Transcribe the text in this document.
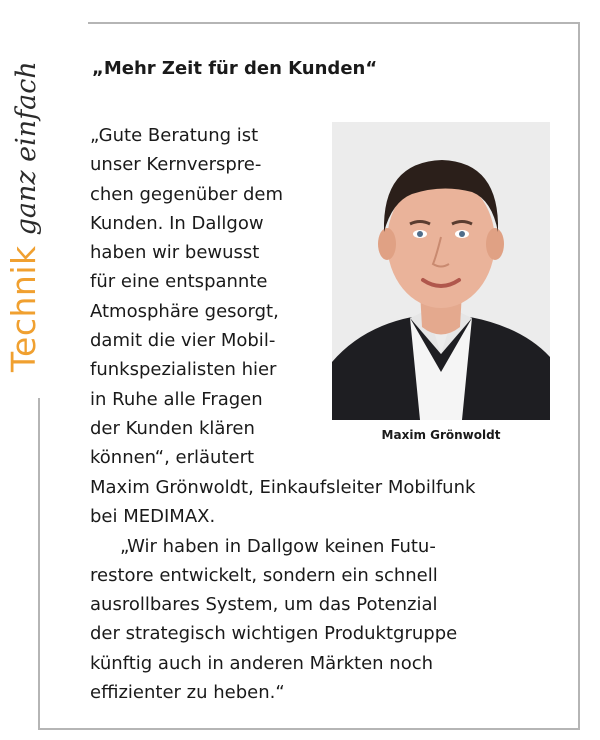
Technik
ganz einfach	„Mehr Zeit für den Kunden“
Maxim Grönwoldt

„Gute Beratung ist
unser Kernverspre-
chen gegenüber dem
Kunden. In Dallgow
haben wir bewusst
für eine entspannte
Atmosphäre gesorgt,
damit die vier Mobil-
funkspezialisten hier
in Ruhe alle Fragen
der Kunden klären
können“, erläutert

Maxim Grönwoldt, Einkaufsleiter Mobilfunk
bei MEDIMAX.
„Wir haben in Dallgow keinen Futu-
restore entwickelt, sondern ein schnell
ausrollbares System, um das Potenzial
der strategisch wichtigen Produktgruppe
künftig auch in anderen Märkten noch
effizienter zu heben.“
